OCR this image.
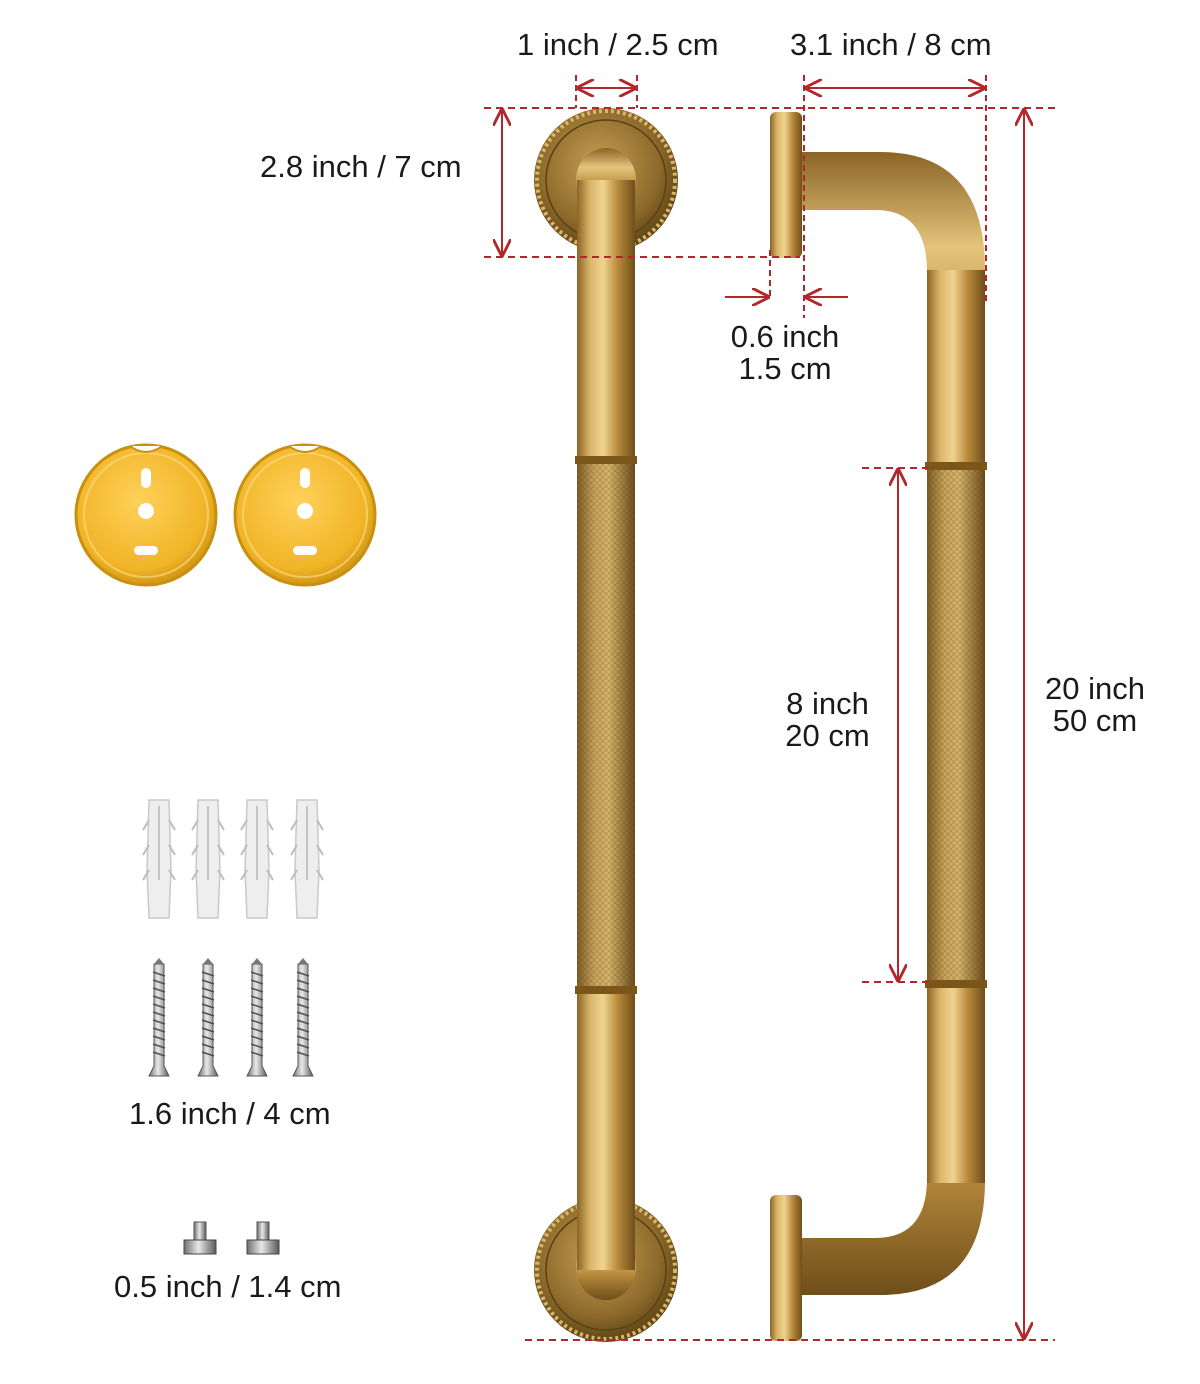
1 inch / 2.5 cm 3.1 inch / 8 cm
2.8 inch / 7 cm
0.6 inch
1.5 cm
8 inch
20 cm
20 inch
50 cm
1.6 inch / 4 cm
0.5 inch / 1.4 cm
